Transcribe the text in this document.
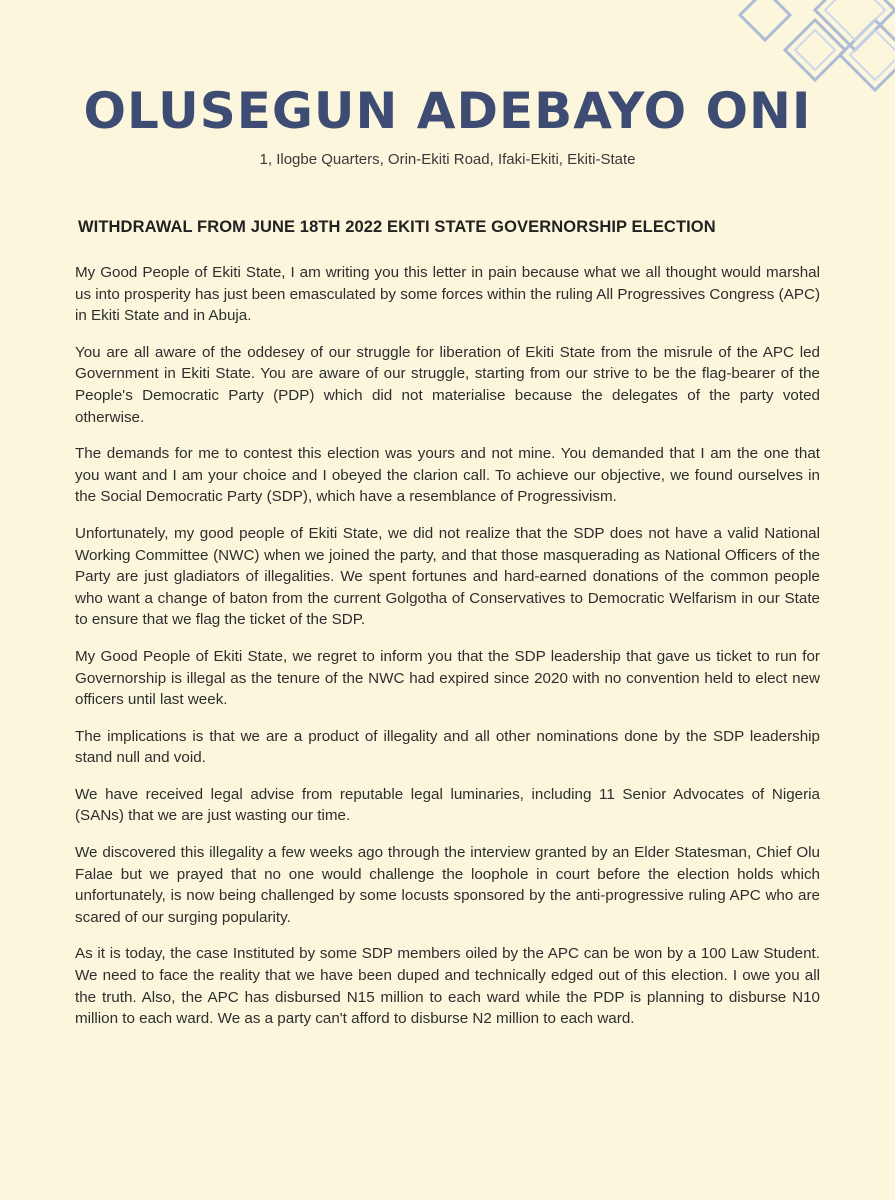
OLUSEGUN ADEBAYO ONI
1, Ilogbe Quarters, Orin-Ekiti Road, Ifaki-Ekiti, Ekiti-State
WITHDRAWAL FROM JUNE 18TH 2022 EKITI STATE GOVERNORSHIP ELECTION

My Good People of Ekiti State, I am writing you this letter in pain because what we all thought would marshal us into prosperity has just been emasculated by some forces within the ruling All Progressives Congress (APC) in Ekiti State and in Abuja.

You are all aware of the oddesey of our struggle for liberation of Ekiti State from the misrule of the APC led Government in Ekiti State. You are aware of our struggle, starting from our strive to be the flag-bearer of the People's Democratic Party (PDP) which did not materialise because the delegates of the party voted otherwise.

The demands for me to contest this election was yours and not mine. You demanded that I am the one that you want and I am your choice and I obeyed the clarion call. To achieve our objective, we found ourselves in the Social Democratic Party (SDP), which have a resemblance of Progressivism.

Unfortunately, my good people of Ekiti State, we did not realize that the SDP does not have a valid National Working Committee (NWC) when we joined the party, and that those masquerading as National Officers of the Party are just gladiators of illegalities. We spent fortunes and hard-earned donations of the common people who want a change of baton from the current Golgotha of Conservatives to Democratic Welfarism in our State to ensure that we flag the ticket of the SDP.

My Good People of Ekiti State, we regret to inform you that the SDP leadership that gave us ticket to run for Governorship is illegal as the tenure of the NWC had expired since 2020 with no convention held to elect new officers until last week.

The implications is that we are a product of illegality and all other nominations done by the SDP leadership stand null and void.

We have received legal advise from reputable legal luminaries, including 11 Senior Advocates of Nigeria (SANs) that we are just wasting our time.

We discovered this illegality a few weeks ago through the interview granted by an Elder Statesman, Chief Olu Falae but we prayed that no one would challenge the loophole in court before the election holds which unfortunately, is now being challenged by some locusts sponsored by the anti-progressive ruling APC who are scared of our surging popularity.

As it is today, the case Instituted by some SDP members oiled by the APC can be won by a 100 Law Student. We need to face the reality that we have been duped and technically edged out of this election. I owe you all the truth. Also, the APC has disbursed N15 million to each ward while the PDP is planning to disburse N10 million to each ward. We as a party can't afford to disburse N2 million to each ward.
